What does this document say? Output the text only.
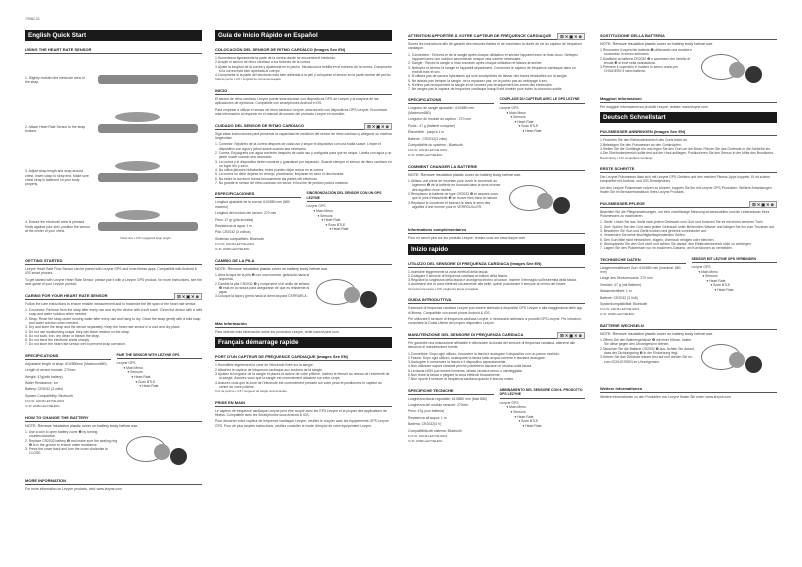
70982-01
English Quick Start
USING THE HEART RATE SENSOR
1. Slightly moisten the electrode area of the strap.
2. Attach Heart Rate Sensor to the strap buttons.
3. Adjust strap length and wrap around chest. Insert clasp to strap end. Make sure chest strap is fastened on your body properly.
4. Ensure the electrode area is pressed firmly against your skin, position the sensor at the center of your chest.
Chest size x 0.8= suggested strap length
GETTING STARTED
Lezyne Heart Rate Flow Sensor can be paired with Lezyne GPS and most fitness apps. Compatible with Android & iOS smart phones.
To get started with Lezyne Heart Rate Sensor, please pair it with a Lezyne GPS product, for more instructions, see the user guide of your Lezyne product.
☒ ✕ ▣ ✕ ⊗
CARING FOR YOUR HEART RATE SENSOR
Follow the care instructions to ensure reliable measurement and to maximize the life span of the heart rate sensor.
1. Connector: Remove from the strap after every use and dry the device with a soft towel. Clean the device with a mild soap and water solution when needed.
2. Strap: Rinse the strap under running water after every use and hang to dry. Clean the strap gently with a mild soap and water solution when needed.
3. Dry and store the strap and the device separately. Keep the heart rate sensor in a cool and dry place.
4. Do not use moisturizing soaps, they can leave residue on the strap.
5. Do not soak, iron, dry clean or bleach the strap.
6. Do not bend the electrode areas sharply.
7. Do not store the heart rate sensor wet to prevent snap corrosion.
SPECIFICATIONS
Adjustable length of strap: 610/880mm (Maximum880)
Length of sensor module: 270mm
Weight: 47g(with battery)
Water Resistance: 1m
Battery: CR2032 (3 volts)
System Compatibility: Bluetooth
FCC ID: 2AD45-LEZYNE-HR01
IC ID: 20080-LEZYNEHR01
PAIR THE SENSOR WITH LEZYNE GPS
Lezyne GPS
▾ Main Menu
▾ Sensors
▾ Heart Rate
▾ Scan BTLE
▾ Heart Rate
HOW TO CHANGE THE BATTERY
NOTE: Remove insulation plastic cover on battery body before use.
1. Use a coin to open battery cover ❶ by turning counterclockwise.
2. Replace CR2032 battery ❷ and make sure the sealing ring ❸ is in the groove to ensure water resistance.
3. Press the cover back and turn the cover clockwise to CLOSE.
MORE INFORMATION
For more information on Lezyne products, visit: www.lezyne.com
Guía de Inicio Rápido en Español
COLOCACIÓN DEL SENSOR DE RITMO CARDÍACO (Images See EN)
1.Humedezca ligeramente la parte de la correa donde se encuentra el electrodo.
2.Acople el sensor de ritmo cardíaco a los botones de la correa.
3.Ajuste la longitud de la correa y ajústesela en el pecho. Introduzca la hebilla en el extremo de la correa. Compruebe si la correa está bien apretada al cuerpo.
4.Compruebe si la parte del electrodo está bien adherida a la piel y colóquese el sensor en la parte central del pecho.
Talla de pecho x 0,8 = longitud de correa aconsejada.
INICIO
El sensor de ritmo cardíaco Lezyne puede sincronizarse con dispositivos GPS de Lezyne y la mayoría de las aplicaciones de ejercicios. Compatible con smartphones Android e iOS.
Para empezar a utilizar el sensor de ritmo cardíaco Lezyne, sincronícelo con dispositivos GPS Lezyne. Encontrará más información al respecto en el manual de usuario del producto Lezyne en cuestión.
☒ ✕ ▣ ✕ ⊗
CUIDADO DEL SENSOR DE RITMO CARDÍACO
Siga estas instrucciones para preservar la capacidad de medición del sensor de ritmo cardíaco y asegurar su máxima longevidad.
1. Conector: Sepárelo de la correa después de cada uso y seque el dispositivo con una toalla suave. Limpie el dispositivo con agua y jabón suave cuando sea necesario.
2. Correa: Enjuáguela con agua corriente después de cada uso y cuélguela para que se seque. Lávela con agua y un jabón suave cuando sea necesario.
3. La correa y el dispositivo deben secarse y guardarse por separado. Guarde siempre el sensor de ritmo cardíaco en un lugar frío y seco.
4. No utilice jabones hidratantes; estos pueden dejar restos en la correa.
5. La correa no debe dejarse en remojo, plancharse, limpiarse en seco ni decolorarse.
6. No estire la correa ni tuerza bruscamente las partes del electrodo.
7. No guarde el sensor de ritmo cardíaco sin secar; el broche de presión podría oxidarse.
ESPECIFICACIONES
Longitud ajustable de la correa: 610/880 mm (880 máximo)
Longitud del módulo del sensor: 270 mm
Peso: 47 gr (pila incluida)
Resistencia al agua: 1 m
Pila: CR2032 (3 voltios)
Sistemas compatibles: Bluetooth
FCC ID: 2AD45-LEZYNE-HR01
IC ID: 20080-LEZYNEHR01
SINCRONIZACIÓN DEL SENSOR CON UN GPS LEZYNE
Lezyne GPS
▾ Main Menu
▾ Sensors
▾ Heart Rate
▾ Scan BTLE
▾ Heart Rate
CAMBIO DE LA PILA
NOTE: Remove insulation plastic cover on battery body before use.
1.Abra la tapa de la pila ❶ con una moneda, girándola hacia la izquierda.
2.Cambie la pila CR2032 ❷ y compruebe si el anillo de sellado ❸ está en la ranura para asegurarse de que es resistente al agua.
3.Coloque la tapa y gírela hacia la derecha para CERRARLA.
Más información
Para obtener más información sobre los productos Lezyne, visite www.lezyne.com.
Français démarrage rapide
PORT D'UN CAPTEUR DE FRÉQUENCE CARDIAQUE (Images See EN)
1.Humidifiez légèrement la zone de l'électrode fixée sur la sangle.
2.Attachez le capteur de fréquence cardiaque aux boutons de la sangle.
3.Ajustez la longueur de la sangle et placez-la autour de votre poitrine. Insérez le fermoir au niveau de l'extrémité de la sangle. Assurez-vous que la sangle est correctement attachée sur votre corps.
4.Assurez-vous que la zone de l'électrode est correctement pressée sur votre peau et positionnez le capteur au centre de votre poitrine.
Tour de poitrine x 0,8 = longueur de sangle recommandée.
PRISE EN MAIN
Le capteur de fréquence cardiaque Lezyne peut être couplé avec les GPS Lezyne et la plupart des applications de fitness. Compatible avec les Smartphones sous Android & iOS.
Pour démarrer votre capteur de fréquence cardiaque Lezyne, veuillez le coupler avec les équipements GPS Lezyne GPS. Pour de plus amples instructions, veuillez consulter le mode d'emploi de votre équipement Lezyne.
☒ ✕ ▣ ✕ ⊗
ATTENTION APPORTÉE À VOTRE CAPTEUR DE FRÉQUENCE CARDIAQUE
Suivez les instructions afin de garantir des mesures fiables et de maximiser la durée de vie du capteur de fréquence cardiaque.
1. Connecteur : Enlevez-le de la sangle après chaque utilisation et séchez l'appareil avec un tissu doux. Nettoyez l'appareil avec une solution savonneuse lorsque cela s'avère nécessaire.
2. Sangle : Rincez la sangle à l'eau courante après chaque utilisation et laissez-la sécher.
3. Nettoyez et séchez la sangle et l'appareil séparément. Conservez le capteur de fréquence cardiaque dans un endroit frais et sec.
4. N'utilisez pas de savons hydratants qui sont susceptibles de laisser des traces résiduelles sur la sangle.
5. Ne laissez pas tremper la sangle, ne la repassez pas, ne la portez pas au nettoyage à sec.
6. N'étirez pas brusquement la sangle et ne courbez pas brusquement les zones des électrodes.
7. Ne rangez pas le capteur de fréquence cardiaque lorsqu'il est humide pour éviter la corrosion subite.
SPÉCIFICATIONS
Longueur de sangle ajustable : 610/880 mm (Maximum880)
Longueur du module du capteur : 270 mm
Poids : 47 g (batterie comprise)
Étanchéité : jusqu'à 1 m
Batterie : CR2032(3 volts)
Compatibilité du système : Bluetooth
FCC ID: 2AD45-LEZYNE-HR01
IC ID: 20080-LEZYNEHR01
COUPLAGE DU CAPTEUR AVEC LE GPS LEZYNE
Lezyne GPS
▾ Main Menu
▾ Sensors
▾ Heart Rate
▾ Scan BTLE
▾ Heart Rate
COMMENT CHANGER LA BATTERIE
NOTE: Remove insulation plastic cover on battery body before use.
1.Utilisez une pièce de monnaie pour ouvrir le couvercle du logement ❶ de la batterie en tournant dans le sens inverse des aiguilles d'une montre.
2.Remplacez la batterie de type CR2032 ❷ et assurez-vous que le joint d'étanchéité ❸ se trouve bien dans la rainure.
3.Replacez le couvercle et tournez-le dans le sens des aiguilles d'une montre pour le VERROUILLER.
Informations complémentaires
Pour en savoir plus sur les produits Lezyne, rendez-vous sur www.lezyne.com
Inizio rapido
UTILIZZO DEL SENSORE DI FREQUENZA CARDIACA (Images See EN)
1.Inumidire leggermente la zona elettrodi della fascia.
2.Collegare il sensore di frequenza cardiaca ai bottoni della fascia.
3.Regolare la lunghezza della fascia e avvolgerla intorno al torace. Inserire il fermaglio sull'estremità della fascia.
4.Accertarsi che la zona elettrodi sia aderente alla pelle, quindi posizionare il sensore al centro del torace.
Circonferenza torace x 0,8= lunghezza fascia consigliata.
GUIDA INTRODUTTIVA
Il sensore di frequenza cardiaca Lezyne può essere abbinato a dispositivi GPS Lezyne e alla maggioranza delle app di fitness. Compatibile con smart phone Android & iOS.
Per utilizzare il sensore di frequenza cardiaca Lezyne, è necessario abbinarlo a prodotti GPS Lezyne. Per istruzioni, consultare la Guida Utente del proprio dispositivo Lezyne.
☒ ✕ ▣ ✕ ⊗
MANUTENZIONE DEL SENSORE DI FREQUENZA CARDIACA
Per garantire una misurazione affidabile e ottimizzare la durata del sensore di frequenza cardiaca, attenersi alle istruzioni di manutenzione fornite.
1.Connettore: Dopo ogni utilizzo, rimuovere la fascia e asciugare il dispositivo con un panno morbido.
2.Fascia: Dopo ogni utilizzo, sciacquare la fascia sotto acqua corrente e lasciarla asciugare.
3.Asciugare e conservare la fascia e il dispositivo separatamente.
4.Non utilizzare saponi idratanti perché potrebbero lasciare un residuo sulla fascia.
5.La fascia NON può essere immersa, stirata, lavata a secco o candeggiata.
6.Non tirare la fascia o piegare la zona elettrodi bruscamente.
7.Non riporre il sensore di frequenza cardiaca quando è ancora umido.
SPECIFICHE TECNICHE
Lunghezza fascia regolabile: 610/880 mm (Max 880)
Lunghezza del modulo sensore: 270mm
Peso: 47g (con batteria)
Resistenza all'acqua: 1 m
Batteria: CR2032(3 V)
Compatibilità del sistema: Bluetooth
FCC ID: 2AD45-LEZYNE-HR01
IC ID: 20080-LEZYNEHR01
ABBINAMENTO DEL SENSORE CON IL PRODOTTO GPS LEZYNE
Lezyne GPS
▾ Main Menu
▾ Sensors
▾ Heart Rate
▾ Scan BTLE
▾ Heart Rate
SOSTITUZIONE DELLA BATTERIA
NOTE: Remove insulation plastic cover on battery body before use.
1.Rimuovere il coperchio batteria ❶ utilizzando una moneta e ruotandolo in senso antiorario.
2.Sostituire la batteria CR2032 ❷ e accertarsi che l'anello di tenuta ❸ si trovi nella scanalatura.
3.Premere il coperchio e ruotarlo in senso orario per CHIUDERE il vano batteria.
Maggiori informazioni
Per maggiori informazioni sui prodotti Lezyne, visitare: www.lezyne.com
Deutsch Schnellstart
PULSMESSER ANBRINGEN (Images See EN)
1.Feuchten Sie den Elektrodenbereich des Gurts leicht an.
2.Befestigen Sie den Pulsmesser an den Gurtknöpfen.
3.Stellen Sie die Gurtlänge ein und legen Sie den Gurt um die Brust. Führen Sie das Gurtende in die Schließe ein.
4.Der Elektrodenbereich sollte fest auf der Haut aufliegen. Positionieren Sie den Sensor in der Mitte des Brustkorbs.
Brustumfang x 0,8= empfohlene Gurtlänge
ERSTE SCHRITTE
Der Lezyne Pulsmesser lässt sich mit Lezyne GPS-Geräten und den meisten Fitness-Apps koppeln. Er ist zudem kompatibel mit Android- und iOS-Smartphones.
Um den Lezyne Pulsmesser nutzen zu können, koppeln Sie ihn mit Lezyne GPS-Produkten. Weitere Anweisungen finden Sie im Benutzerhandbuch Ihres Lezyne Produkts.
☒ ✕ ▣ ✕ ⊗
PULSMESSER-PFLEGE
Beachten Sie die Pflegeanweisungen, um eine zuverlässige Messung sicherzustellen und die Lebensdauer Ihres Pulsmessers zu maximieren.
1. Gerät: Lösen Sie das Gerät nach jedem Gebrauch vom Gurt und trocknen Sie es mit einem weichen Tuch.
2. Gurt: Spülen Sie den Gurt nach jedem Gebrauch unter fließendem Wasser und hängen Sie ihn zum Trocknen auf.
3. Bewahren Sie Gurt und Gerät trocken und getrennt voneinander auf.
4. Verwenden Sie keine feuchtigkeitsspendenden Seifen.
5. Den Gurt bitte nicht einweichen, bügeln, chemisch reinigen oder bleichen.
6. Überspannen Sie den Gurt nicht und achten Sie darauf, den Elektrodenbereich nicht zu verbiegen.
7. Lagern Sie den Pulsmesser nur im trockenen Zustand, um Korrosionen zu vermeiden.
TECHNISCHE DATEN
Längenverstellbarer Gurt: 610/880 mm (maximal: 880 mm)
Länge des Sensormoduls: 270 mm
Gewicht: 47 g (mit Batterie)
Wasserdichtheit: 1 m
Batterie: CR2032 (3 Volt)
Systemkompatibilität: Bluetooth
FCC ID: 2AD45-LEZYNE-HR01
IC ID: 20080-LEZYNEHR01
SENSOR MIT LEZYNE GPS VERBINDEN
Lezyne GPS
▾ Main Menu
▾ Sensors
▾ Heart Rate
▾ Scan BTLE
▾ Heart Rate
BATTERIE WECHSELN
NOTE: Remove insulation plastic cover on battery body before use.
1.Öffnen Sie den Batteriegehäuse ❶ mit einer Münze, indem Sie diese gegen den Uhrzeigersinn drehen.
2.Tauschen Sie die Batterie CR2032 ❷ aus. Achten Sie darauf, dass der Dichtungsring ❸ in der Einkerbung liegt.
3.Setzen Sie das Gehäuse wieder fest auf und drehen Sie es zum SCHLIESSEN im Uhrzeigersinn.
Weitere Informationen
Weitere Informationen zu den Produkten von Lezyne finden Sie unter: www.lezyne.com
